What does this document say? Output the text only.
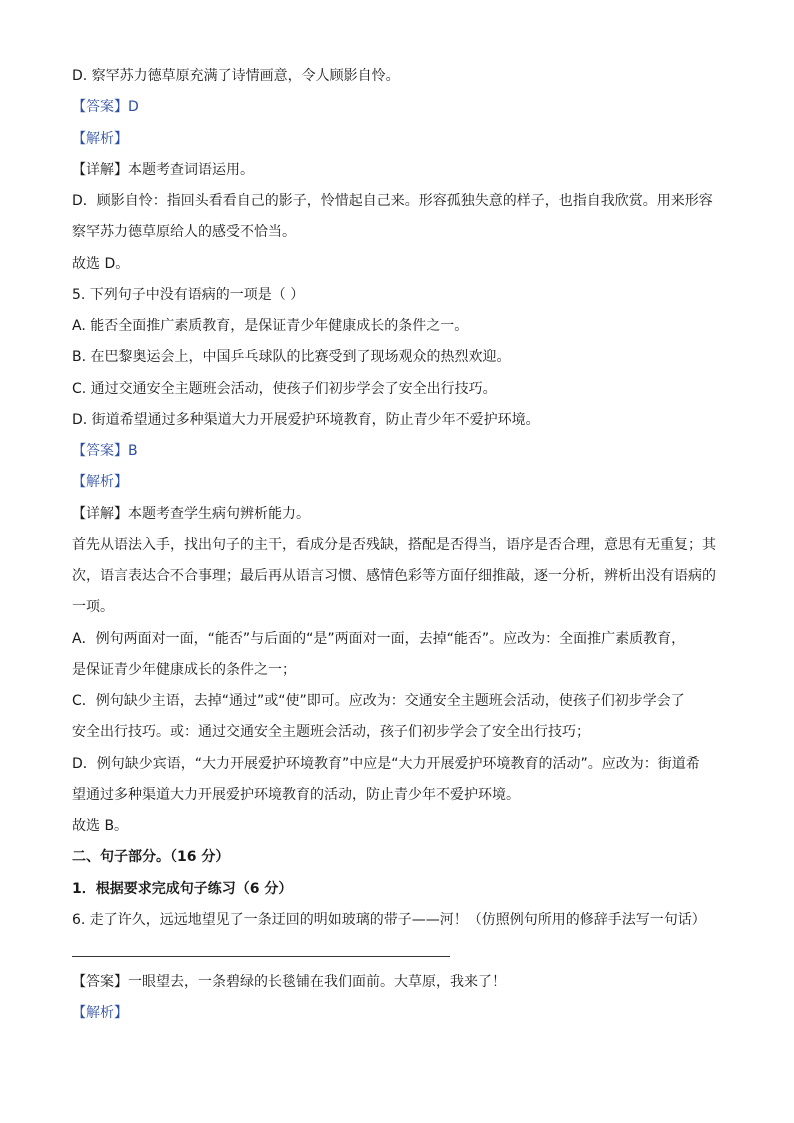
D. 察罕苏力德草原充满了诗情画意，令人顾影自怜。
【答案】D
【解析】
【详解】本题考查词语运用。
D．顾影自怜：指回头看看自己的影子，怜惜起自己来。形容孤独失意的样子，也指自我欣赏。用来形容
察罕苏力德草原给人的感受不恰当。
故选 D。
5. 下列句子中没有语病的一项是（ ）
A. 能否全面推广素质教育，是保证青少年健康成长的条件之一。
B. 在巴黎奥运会上，中国乒乓球队的比赛受到了现场观众的热烈欢迎。
C. 通过交通安全主题班会活动，使孩子们初步学会了安全出行技巧。
D. 街道希望通过多种渠道大力开展爱护环境教育，防止青少年不爱护环境。
【答案】B
【解析】
【详解】本题考查学生病句辨析能力。
首先从语法入手，找出句子的主干，看成分是否残缺，搭配是否得当，语序是否合理，意思有无重复；其
次，语言表达合不合事理；最后再从语言习惯、感情色彩等方面仔细推敲，逐一分析，辨析出没有语病的
一项。
A．例句两面对一面，“能否”与后面的“是”两面对一面，去掉“能否”。应改为：全面推广素质教育，
是保证青少年健康成长的条件之一；
C．例句缺少主语，去掉“通过”或“使”即可。应改为：交通安全主题班会活动，使孩子们初步学会了
安全出行技巧。或：通过交通安全主题班会活动，孩子们初步学会了安全出行技巧；
D．例句缺少宾语，“大力开展爱护环境教育”中应是“大力开展爱护环境教育的活动”。应改为：街道希
望通过多种渠道大力开展爱护环境教育的活动，防止青少年不爱护环境。
故选 B。
二、句子部分。（16 分）
1．根据要求完成句子练习（6 分）
6. 走了许久，远远地望见了一条迂回的明如玻璃的带子——河！（仿照例句所用的修辞手法写一句话）
【答案】一眼望去，一条碧绿的长毯铺在我们面前。大草原，我来了！
【解析】
